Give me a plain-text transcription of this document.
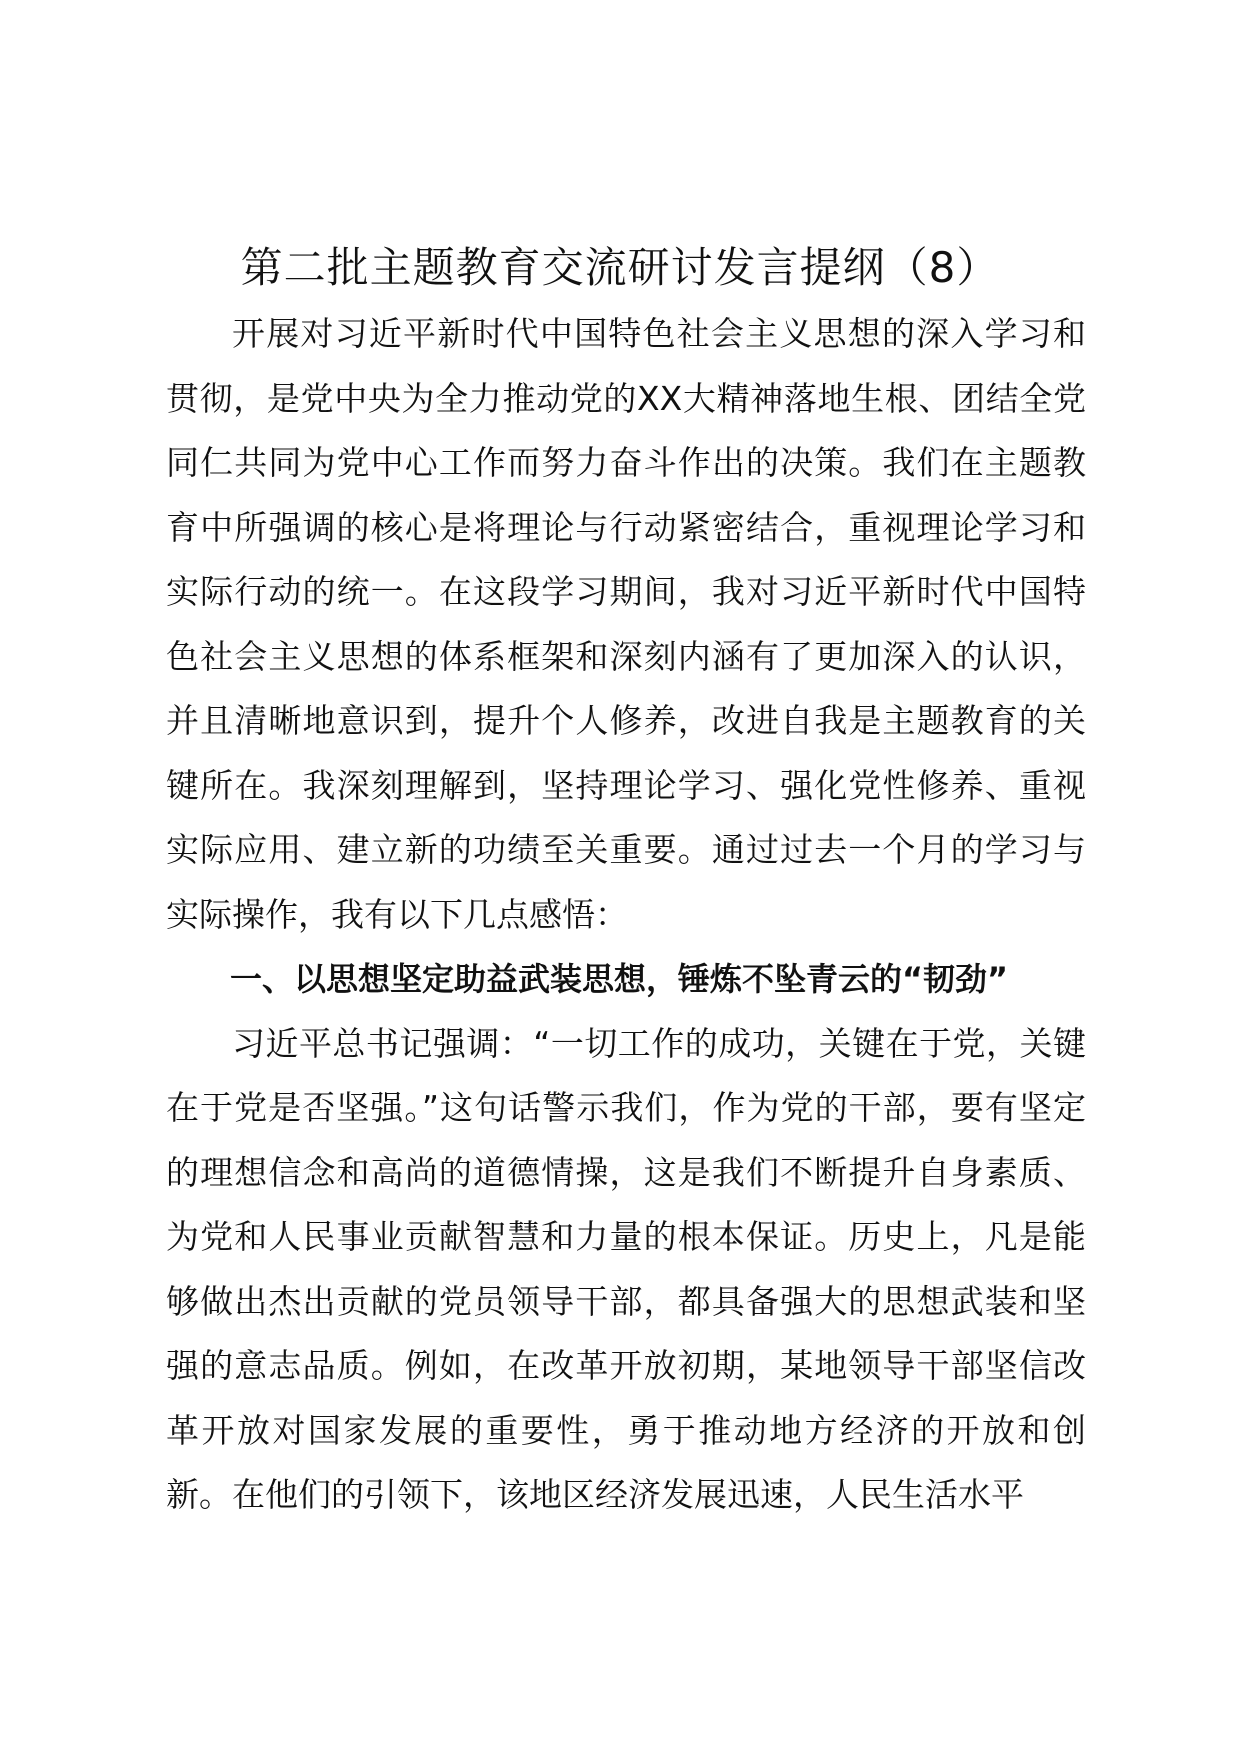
第二批主题教育交流研讨发言提纲（8）

开展对习近平新时代中国特色社会主义思想的深入学习和贯彻，是党中央为全力推动党的XX大精神落地生根、团结全党同仁共同为党中心工作而努力奋斗作出的决策。我们在主题教育中所强调的核心是将理论与行动紧密结合，重视理论学习和实际行动的统一。在这段学习期间，我对习近平新时代中国特色社会主义思想的体系框架和深刻内涵有了更加深入的认识，并且清晰地意识到，提升个人修养，改进自我是主题教育的关键所在。我深刻理解到，坚持理论学习、强化党性修养、重视实际应用、建立新的功绩至关重要。通过过去一个月的学习与实际操作，我有以下几点感悟：

一、以思想坚定助益武装思想，锤炼不坠青云的“韧劲”

习近平总书记强调：“一切工作的成功，关键在于党，关键在于党是否坚强。”这句话警示我们，作为党的干部，要有坚定的理想信念和高尚的道德情操，这是我们不断提升自身素质、为党和人民事业贡献智慧和力量的根本保证。历史上，凡是能够做出杰出贡献的党员领导干部，都具备强大的思想武装和坚强的意志品质。例如，在改革开放初期，某地领导干部坚信改革开放对国家发展的重要性，勇于推动地方经济的开放和创新。在他们的引领下，该地区经济发展迅速，人民生活水平
